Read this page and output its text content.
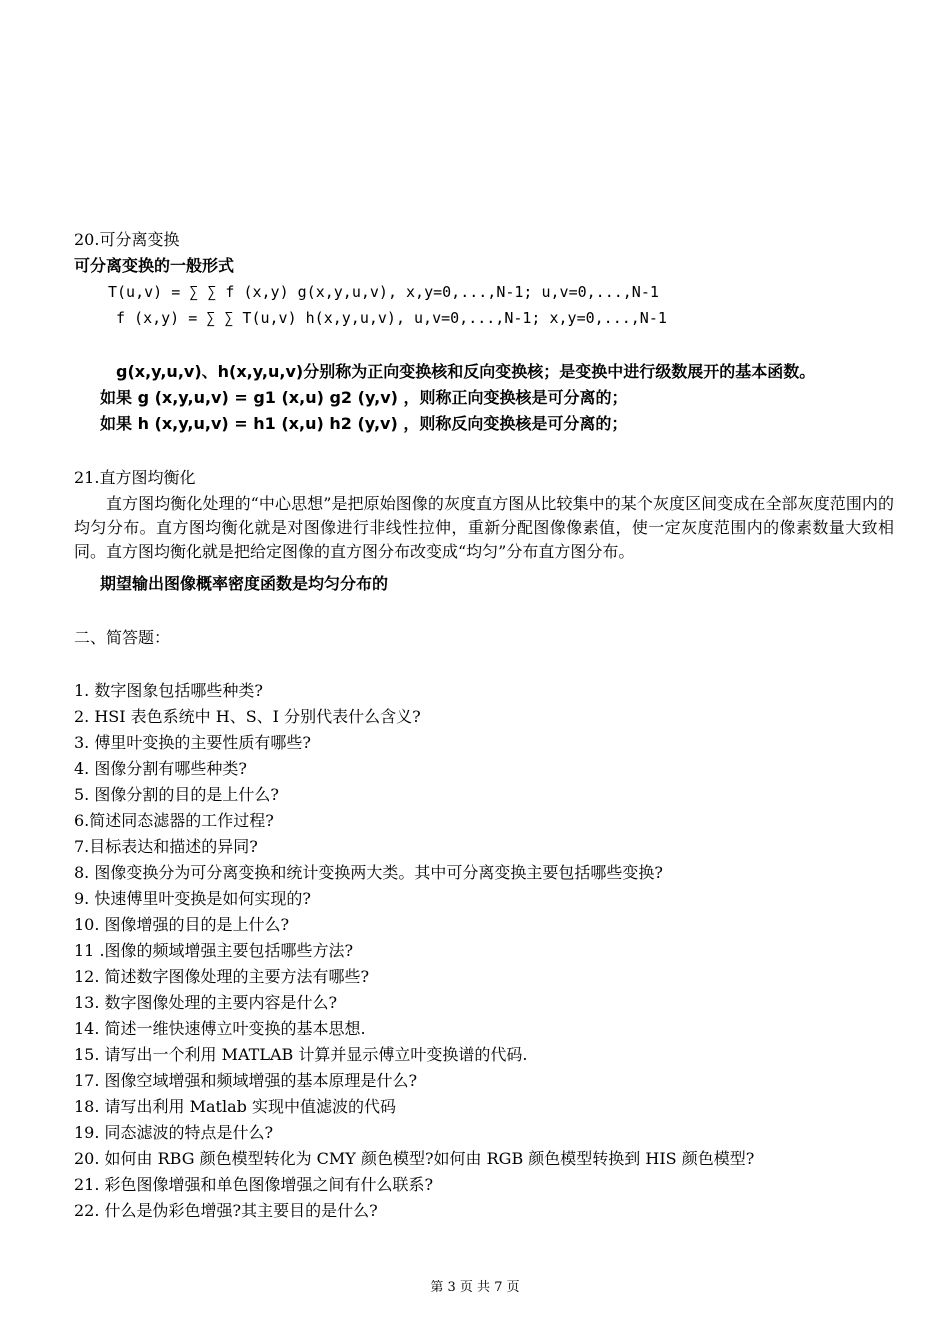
20.可分离变换
可分离变换的一般形式
T(u,v) = ∑ ∑ f (x,y) g(x,y,u,v), x,y=0,...,N-1; u,v=0,...,N-1
f (x,y) = ∑ ∑ T(u,v) h(x,y,u,v), u,v=0,...,N-1; x,y=0,...,N-1
g(x,y,u,v)、h(x,y,u,v)分别称为正向变换核和反向变换核；是变换中进行级数展开的基本函数。
如果 g (x,y,u,v) = g1 (x,u) g2 (y,v) ，则称正向变换核是可分离的；
如果 h (x,y,u,v) = h1 (x,u) h2 (y,v) ，则称反向变换核是可分离的；
21.直方图均衡化
直方图均衡化处理的“中心思想”是把原始图像的灰度直方图从比较集中的某个灰度区间变成在全部灰度范围内的均匀分布。直方图均衡化就是对图像进行非线性拉伸，重新分配图像像素值，使一定灰度范围内的像素数量大致相同。直方图均衡化就是把给定图像的直方图分布改变成“均匀”分布直方图分布。
期望输出图像概率密度函数是均匀分布的
二、简答题：
1. 数字图象包括哪些种类?
2. HSI 表色系统中 H、S、I 分别代表什么含义?
3. 傅里叶变换的主要性质有哪些?
4. 图像分割有哪些种类?
5. 图像分割的目的是上什么?
6.简述同态滤器的工作过程?
7.目标表达和描述的异同?
8. 图像变换分为可分离变换和统计变换两大类。其中可分离变换主要包括哪些变换?
9. 快速傅里叶变换是如何实现的?
10. 图像增强的目的是上什么?
11 .图像的频域增强主要包括哪些方法?
12. 简述数字图像处理的主要方法有哪些?
13. 数字图像处理的主要内容是什么?
14. 简述一维快速傅立叶变换的基本思想.
15. 请写出一个利用 MATLAB 计算并显示傅立叶变换谱的代码.
17. 图像空域增强和频域增强的基本原理是什么?
18. 请写出利用 Matlab 实现中值滤波的代码
19. 同态滤波的特点是什么?
20. 如何由 RBG 颜色模型转化为 CMY 颜色模型?如何由 RGB 颜色模型转换到 HIS 颜色模型?
21. 彩色图像增强和单色图像增强之间有什么联系?
22. 什么是伪彩色增强?其主要目的是什么?
第 3 页 共 7 页
